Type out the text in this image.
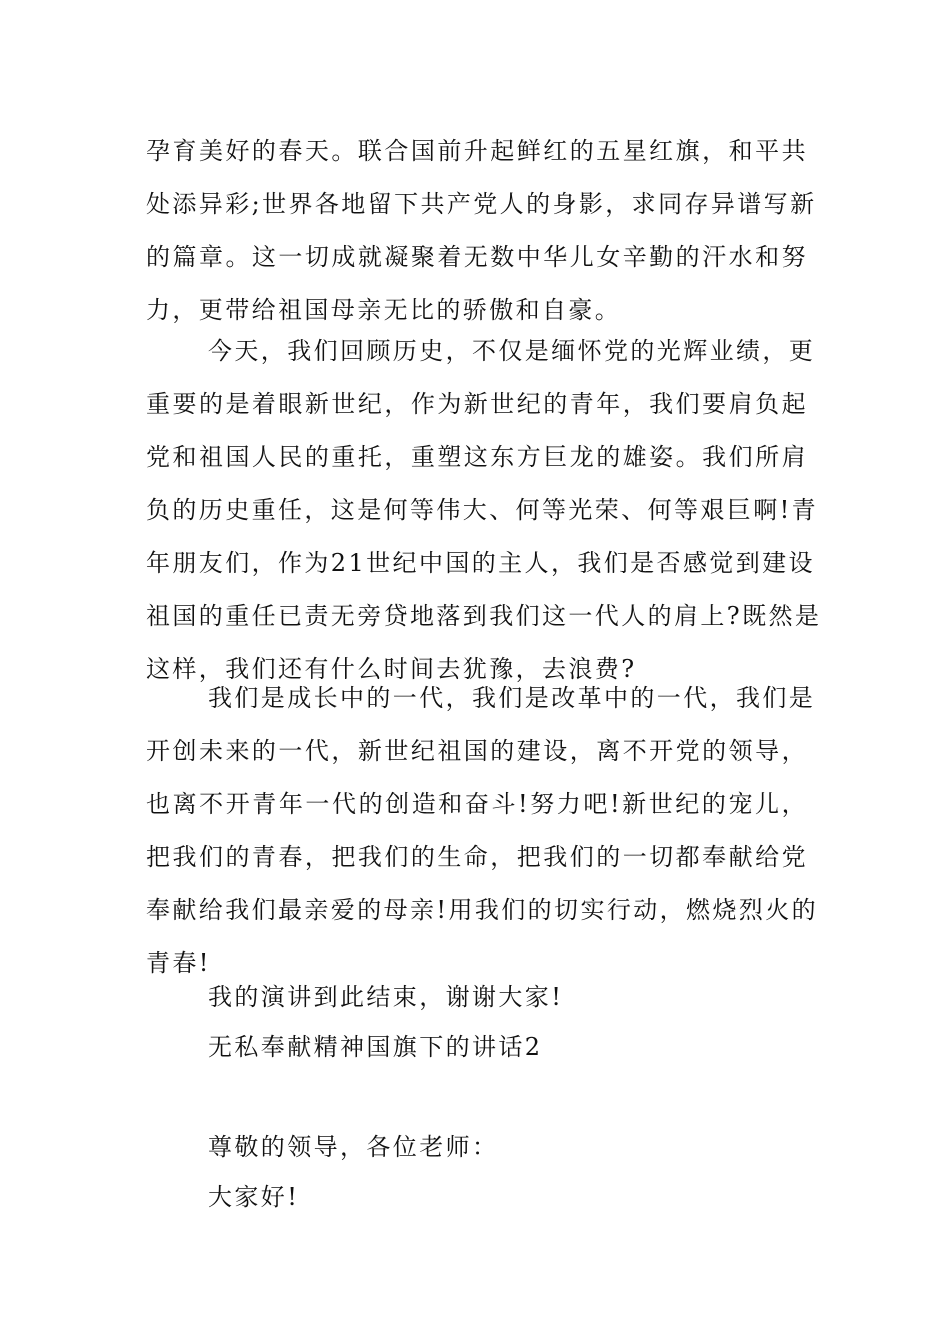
孕育美好的春天。联合国前升起鲜红的五星红旗，和平共
处添异彩;世界各地留下共产党人的身影，求同存异谱写新
的篇章。这一切成就凝聚着无数中华儿女辛勤的汗水和努
力，更带给祖国母亲无比的骄傲和自豪。
今天，我们回顾历史，不仅是缅怀党的光辉业绩，更
重要的是着眼新世纪，作为新世纪的青年，我们要肩负起
党和祖国人民的重托，重塑这东方巨龙的雄姿。我们所肩
负的历史重任，这是何等伟大、何等光荣、何等艰巨啊!青
年朋友们，作为21世纪中国的主人，我们是否感觉到建设
祖国的重任已责无旁贷地落到我们这一代人的肩上?既然是
这样，我们还有什么时间去犹豫，去浪费?
我们是成长中的一代，我们是改革中的一代，我们是
开创未来的一代，新世纪祖国的建设，离不开党的领导，
也离不开青年一代的创造和奋斗!努力吧!新世纪的宠儿，
把我们的青春，把我们的生命，把我们的一切都奉献给党
奉献给我们最亲爱的母亲!用我们的切实行动，燃烧烈火的
青春!
我的演讲到此结束，谢谢大家!
无私奉献精神国旗下的讲话2
尊敬的领导，各位老师：
大家好!
